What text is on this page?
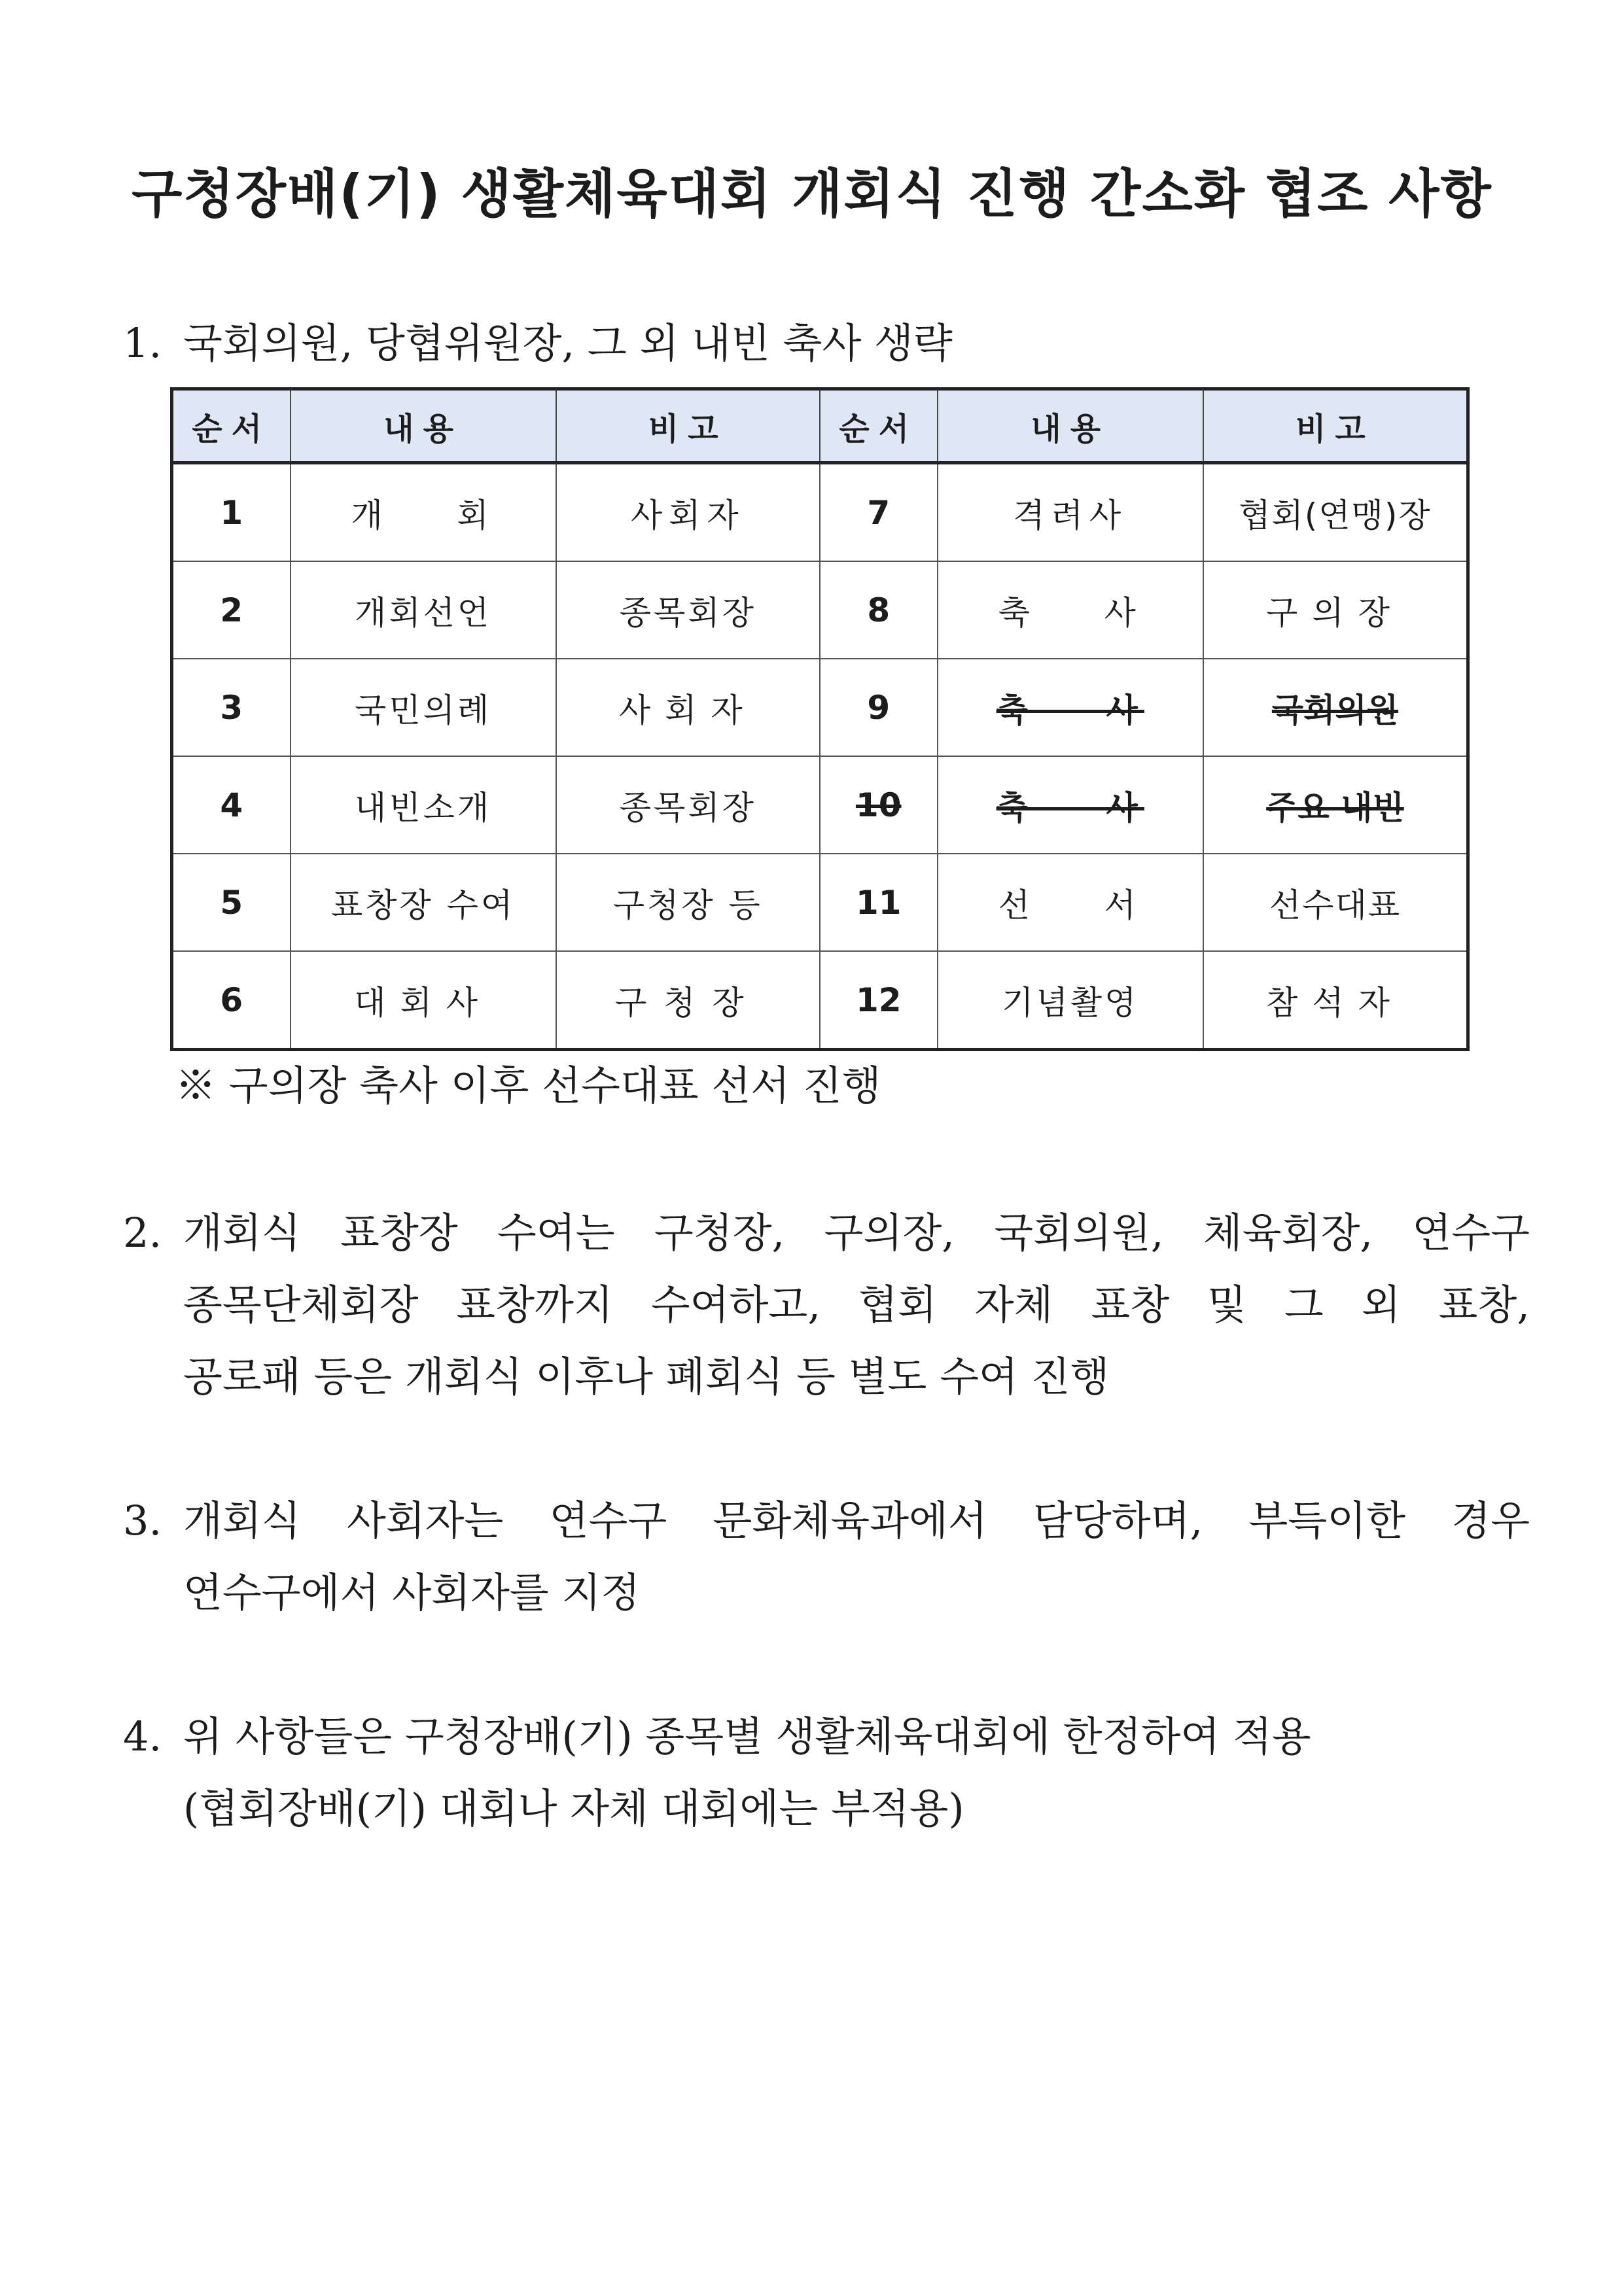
구청장배(기) 생활체육대회 개회식 진행 간소화 협조 사항
1. 국회의원, 당협위원장, 그 외 내빈 축사 생략
순서	내용	비고	순서	내용	비고
1	개    회	사회자	7	격려사	협회(연맹)장
2	개회선언	종목회장	8	축    사	구의장
3	국민의례	사회자	9	축    사	국회의원
4	내빈소개	종목회장	10	축    사	주요 내빈
5	표창장 수여	구청장 등	11	선    서	선수대표
6	대회사	구청장	12	기념촬영	참석자
※ 구의장 축사 이후 선수대표 선서 진행
2. 개회식 표창장 수여는 구청장, 구의장, 국회의원, 체육회장, 연수구
종목단체회장 표창까지 수여하고, 협회 자체 표창 및 그 외 표창,
공로패 등은 개회식 이후나 폐회식 등 별도 수여 진행
3. 개회식 사회자는 연수구 문화체육과에서 담당하며, 부득이한 경우
연수구에서 사회자를 지정
4. 위 사항들은 구청장배(기) 종목별 생활체육대회에 한정하여 적용
(협회장배(기) 대회나 자체 대회에는 부적용)
